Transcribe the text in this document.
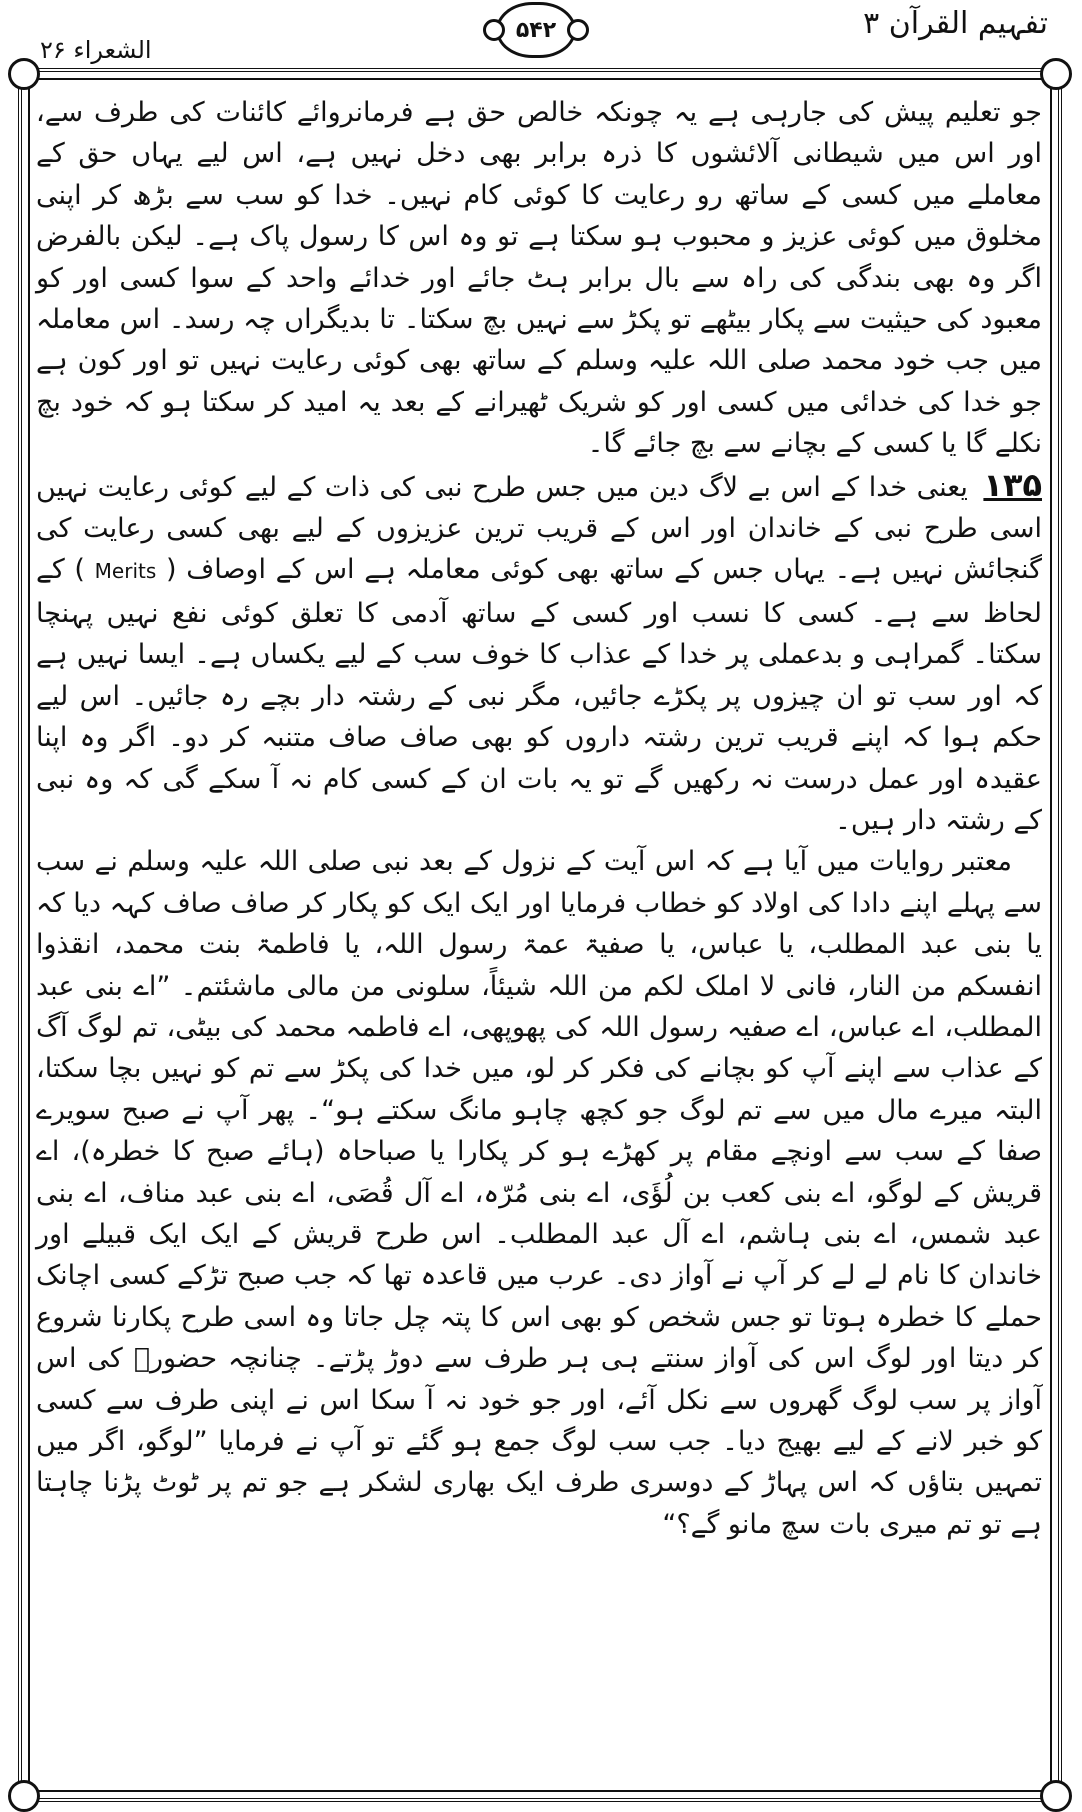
تفہیم القرآن ۳
۵۴۲
الشعراء ۲۶

جو تعلیم پیش کی جارہی ہے یہ چونکہ خالص حق ہے فرمانروائے کائنات کی طرف سے، اور اس میں شیطانی آلائشوں کا ذرہ برابر بھی دخل نہیں ہے، اس لیے یہاں حق کے معاملے میں کسی کے ساتھ رو رعایت کا کوئی کام نہیں۔ خدا کو سب سے بڑھ کر اپنی مخلوق میں کوئی عزیز و محبوب ہو سکتا ہے تو وہ اس کا رسول پاک ہے۔ لیکن بالفرض اگر وہ بھی بندگی کی راہ سے بال برابر ہٹ جائے اور خدائے واحد کے سوا کسی اور کو معبود کی حیثیت سے پکار بیٹھے تو پکڑ سے نہیں بچ سکتا۔ تا بدیگراں چہ رسد۔ اس معاملہ میں جب خود محمد صلی اللہ علیہ وسلم کے ساتھ بھی کوئی رعایت نہیں تو اور کون ہے جو خدا کی خدائی میں کسی اور کو شریک ٹھیرانے کے بعد یہ امید کر سکتا ہو کہ خود بچ نکلے گا یا کسی کے بچانے سے بچ جائے گا۔

۱۳۵ یعنی خدا کے اس بے لاگ دین میں جس طرح نبی کی ذات کے لیے کوئی رعایت نہیں اسی طرح نبی کے خاندان اور اس کے قریب ترین عزیزوں کے لیے بھی کسی رعایت کی گنجائش نہیں ہے۔ یہاں جس کے ساتھ بھی کوئی معاملہ ہے اس کے اوصاف ( Merits ) کے لحاظ سے ہے۔ کسی کا نسب اور کسی کے ساتھ آدمی کا تعلق کوئی نفع نہیں پہنچا سکتا۔ گمراہی و بدعملی پر خدا کے عذاب کا خوف سب کے لیے یکساں ہے۔ ایسا نہیں ہے کہ اور سب تو ان چیزوں پر پکڑے جائیں، مگر نبی کے رشتہ دار بچے رہ جائیں۔ اس لیے حکم ہوا کہ اپنے قریب ترین رشتہ داروں کو بھی صاف صاف متنبہ کر دو۔ اگر وہ اپنا عقیدہ اور عمل درست نہ رکھیں گے تو یہ بات ان کے کسی کام نہ آ سکے گی کہ وہ نبی کے رشتہ دار ہیں۔

معتبر روایات میں آیا ہے کہ اس آیت کے نزول کے بعد نبی صلی اللہ علیہ وسلم نے سب سے پہلے اپنے دادا کی اولاد کو خطاب فرمایا اور ایک ایک کو پکار کر صاف صاف کہہ دیا کہ یا بنی عبد المطلب، یا عباس، یا صفیۃ عمۃ رسول اللہ، یا فاطمۃ بنت محمد، انقذوا انفسکم من النار، فانی لا املک لکم من اللہ شیئاً، سلونی من مالی ماشئتم۔ ”اے بنی عبد المطلب، اے عباس، اے صفیہ رسول اللہ کی پھوپھی، اے فاطمہ محمد کی بیٹی، تم لوگ آگ کے عذاب سے اپنے آپ کو بچانے کی فکر کر لو، میں خدا کی پکڑ سے تم کو نہیں بچا سکتا، البتہ میرے مال میں سے تم لوگ جو کچھ چاہو مانگ سکتے ہو“۔ پھر آپ نے صبح سویرے صفا کے سب سے اونچے مقام پر کھڑے ہو کر پکارا یا صباحاہ (ہائے صبح کا خطرہ)، اے قریش کے لوگو، اے بنی کعب بن لُؤَی، اے بنی مُرّہ، اے آل قُصَی، اے بنی عبد مناف، اے بنی عبد شمس، اے بنی ہاشم، اے آل عبد المطلب۔ اس طرح قریش کے ایک ایک قبیلے اور خاندان کا نام لے لے کر آپ نے آواز دی۔ عرب میں قاعدہ تھا کہ جب صبح تڑکے کسی اچانک حملے کا خطرہ ہوتا تو جس شخص کو بھی اس کا پتہ چل جاتا وہ اسی طرح پکارنا شروع کر دیتا اور لوگ اس کی آواز سنتے ہی ہر طرف سے دوڑ پڑتے۔ چنانچہ حضورؐ کی اس آواز پر سب لوگ گھروں سے نکل آئے، اور جو خود نہ آ سکا اس نے اپنی طرف سے کسی کو خبر لانے کے لیے بھیج دیا۔ جب سب لوگ جمع ہو گئے تو آپ نے فرمایا ”لوگو، اگر میں تمہیں بتاؤں کہ اس پہاڑ کے دوسری طرف ایک بھاری لشکر ہے جو تم پر ٹوٹ پڑنا چاہتا ہے تو تم میری بات سچ مانو گے؟“
